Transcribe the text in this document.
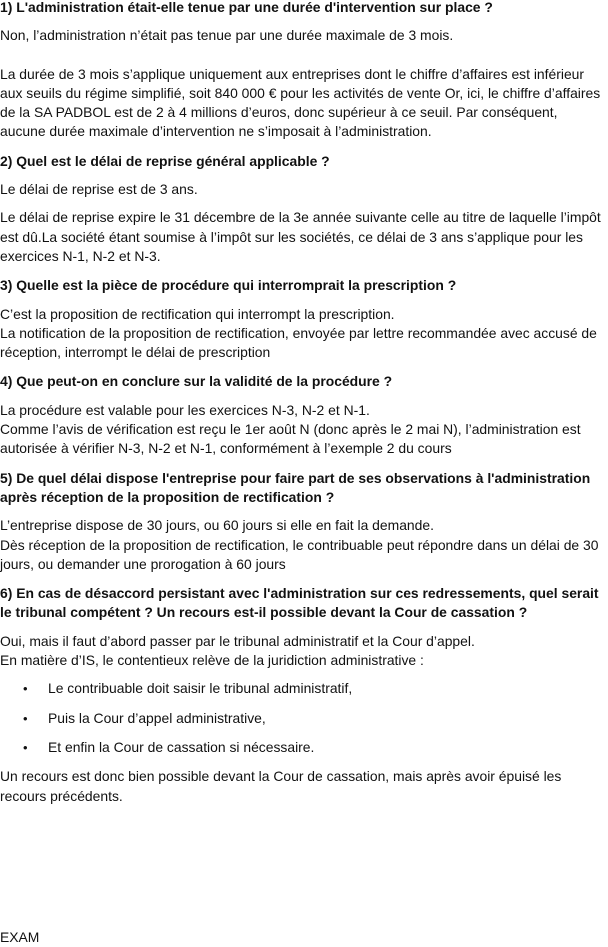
1) L'administration était-elle tenue par une durée d'intervention sur place ?

Non, l’administration n’était pas tenue par une durée maximale de 3 mois.

La durée de 3 mois s’applique uniquement aux entreprises dont le chiffre d’affaires est inférieur aux seuils du régime simplifié, soit 840 000 € pour les activités de vente Or, ici, le chiffre d’affaires de la SA PADBOL est de 2 à 4 millions d’euros, donc supérieur à ce seuil. Par conséquent, aucune durée maximale d’intervention ne s’imposait à l’administration.

2) Quel est le délai de reprise général applicable ?

Le délai de reprise est de 3 ans.

Le délai de reprise expire le 31 décembre de la 3e année suivante celle au titre de laquelle l’impôt est dû.La société étant soumise à l’impôt sur les sociétés, ce délai de 3 ans s’applique pour les exercices N-1, N-2 et N-3.

3) Quelle est la pièce de procédure qui interromprait la prescription ?

C’est la proposition de rectification qui interrompt la prescription.

La notification de la proposition de rectification, envoyée par lettre recommandée avec accusé de réception, interrompt le délai de prescription

4) Que peut-on en conclure sur la validité de la procédure ?

La procédure est valable pour les exercices N-3, N-2 et N-1.

Comme l’avis de vérification est reçu le 1er août N (donc après le 2 mai N), l’administration est autorisée à vérifier N-3, N-2 et N-1, conformément à l’exemple 2 du cours

5) De quel délai dispose l'entreprise pour faire part de ses observations à l'administration après réception de la proposition de rectification ?

L’entreprise dispose de 30 jours, ou 60 jours si elle en fait la demande.

Dès réception de la proposition de rectification, le contribuable peut répondre dans un délai de 30 jours, ou demander une prorogation à 60 jours

6) En cas de désaccord persistant avec l'administration sur ces redressements, quel serait le tribunal compétent ? Un recours est-il possible devant la Cour de cassation ?

Oui, mais il faut d’abord passer par le tribunal administratif et la Cour d’appel.

En matière d’IS, le contentieux relève de la juridiction administrative :

• Le contribuable doit saisir le tribunal administratif,
• Puis la Cour d’appel administrative,
• Et enfin la Cour de cassation si nécessaire.

Un recours est donc bien possible devant la Cour de cassation, mais après avoir épuisé les recours précédents.

EXAM
